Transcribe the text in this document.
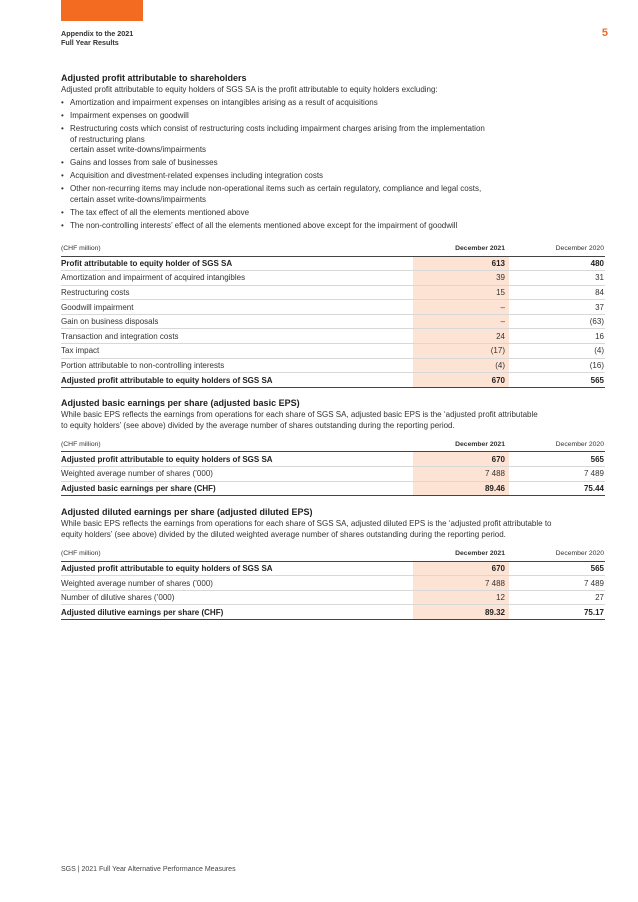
Appendix to the 2021
Full Year Results
5
Adjusted profit attributable to shareholders

Adjusted profit attributable to equity holders of SGS SA is the profit attributable to equity holders excluding:

• Amortization and impairment expenses on intangibles arising as a result of acquisitions
• Impairment expenses on goodwill
• Restructuring costs which consist of restructuring costs including impairment charges arising from the implementation
of restructuring plans
certain asset write-downs/impairments
• Gains and losses from sale of businesses
• Acquisition and divestment-related expenses including integration costs
• Other non-recurring items may include non-operational items such as certain regulatory, compliance and legal costs,
certain asset write-downs/impairments
• The tax effect of all the elements mentioned above
• The non-controlling interests’ effect of all the elements mentioned above except for the impairment of goodwill
(CHF million)	December 2021	December 2020
Profit attributable to equity holder of SGS SA	613	480
Amortization and impairment of acquired intangibles	39	31
Restructuring costs	15	84
Goodwill impairment	–	37
Gain on business disposals	–	(63)
Transaction and integration costs	24	16
Tax impact	(17)	(4)
Portion attributable to non-controlling interests	(4)	(16)
Adjusted profit attributable to equity holders of SGS SA	670	565
Adjusted basic earnings per share (adjusted basic EPS)

While basic EPS reflects the earnings from operations for each share of SGS SA, adjusted basic EPS is the ‘adjusted profit attributable
to equity holders’ (see above) divided by the average number of shares outstanding during the reporting period.

(CHF million)	December 2021	December 2020
Adjusted profit attributable to equity holders of SGS SA	670	565
Weighted average number of shares (’000)	7 488	7 489
Adjusted basic earnings per share (CHF)	89.46	75.44
Adjusted diluted earnings per share (adjusted diluted EPS)

While basic EPS reflects the earnings from operations for each share of SGS SA, adjusted diluted EPS is the ‘adjusted profit attributable to
equity holders’ (see above) divided by the diluted weighted average number of shares outstanding during the reporting period.

(CHF million)	December 2021	December 2020
Adjusted profit attributable to equity holders of SGS SA	670	565
Weighted average number of shares (’000)	7 488	7 489
Number of dilutive shares (’000)	12	27
Adjusted dilutive earnings per share (CHF)	89.32	75.17
SGS | 2021 Full Year Alternative Performance Measures
